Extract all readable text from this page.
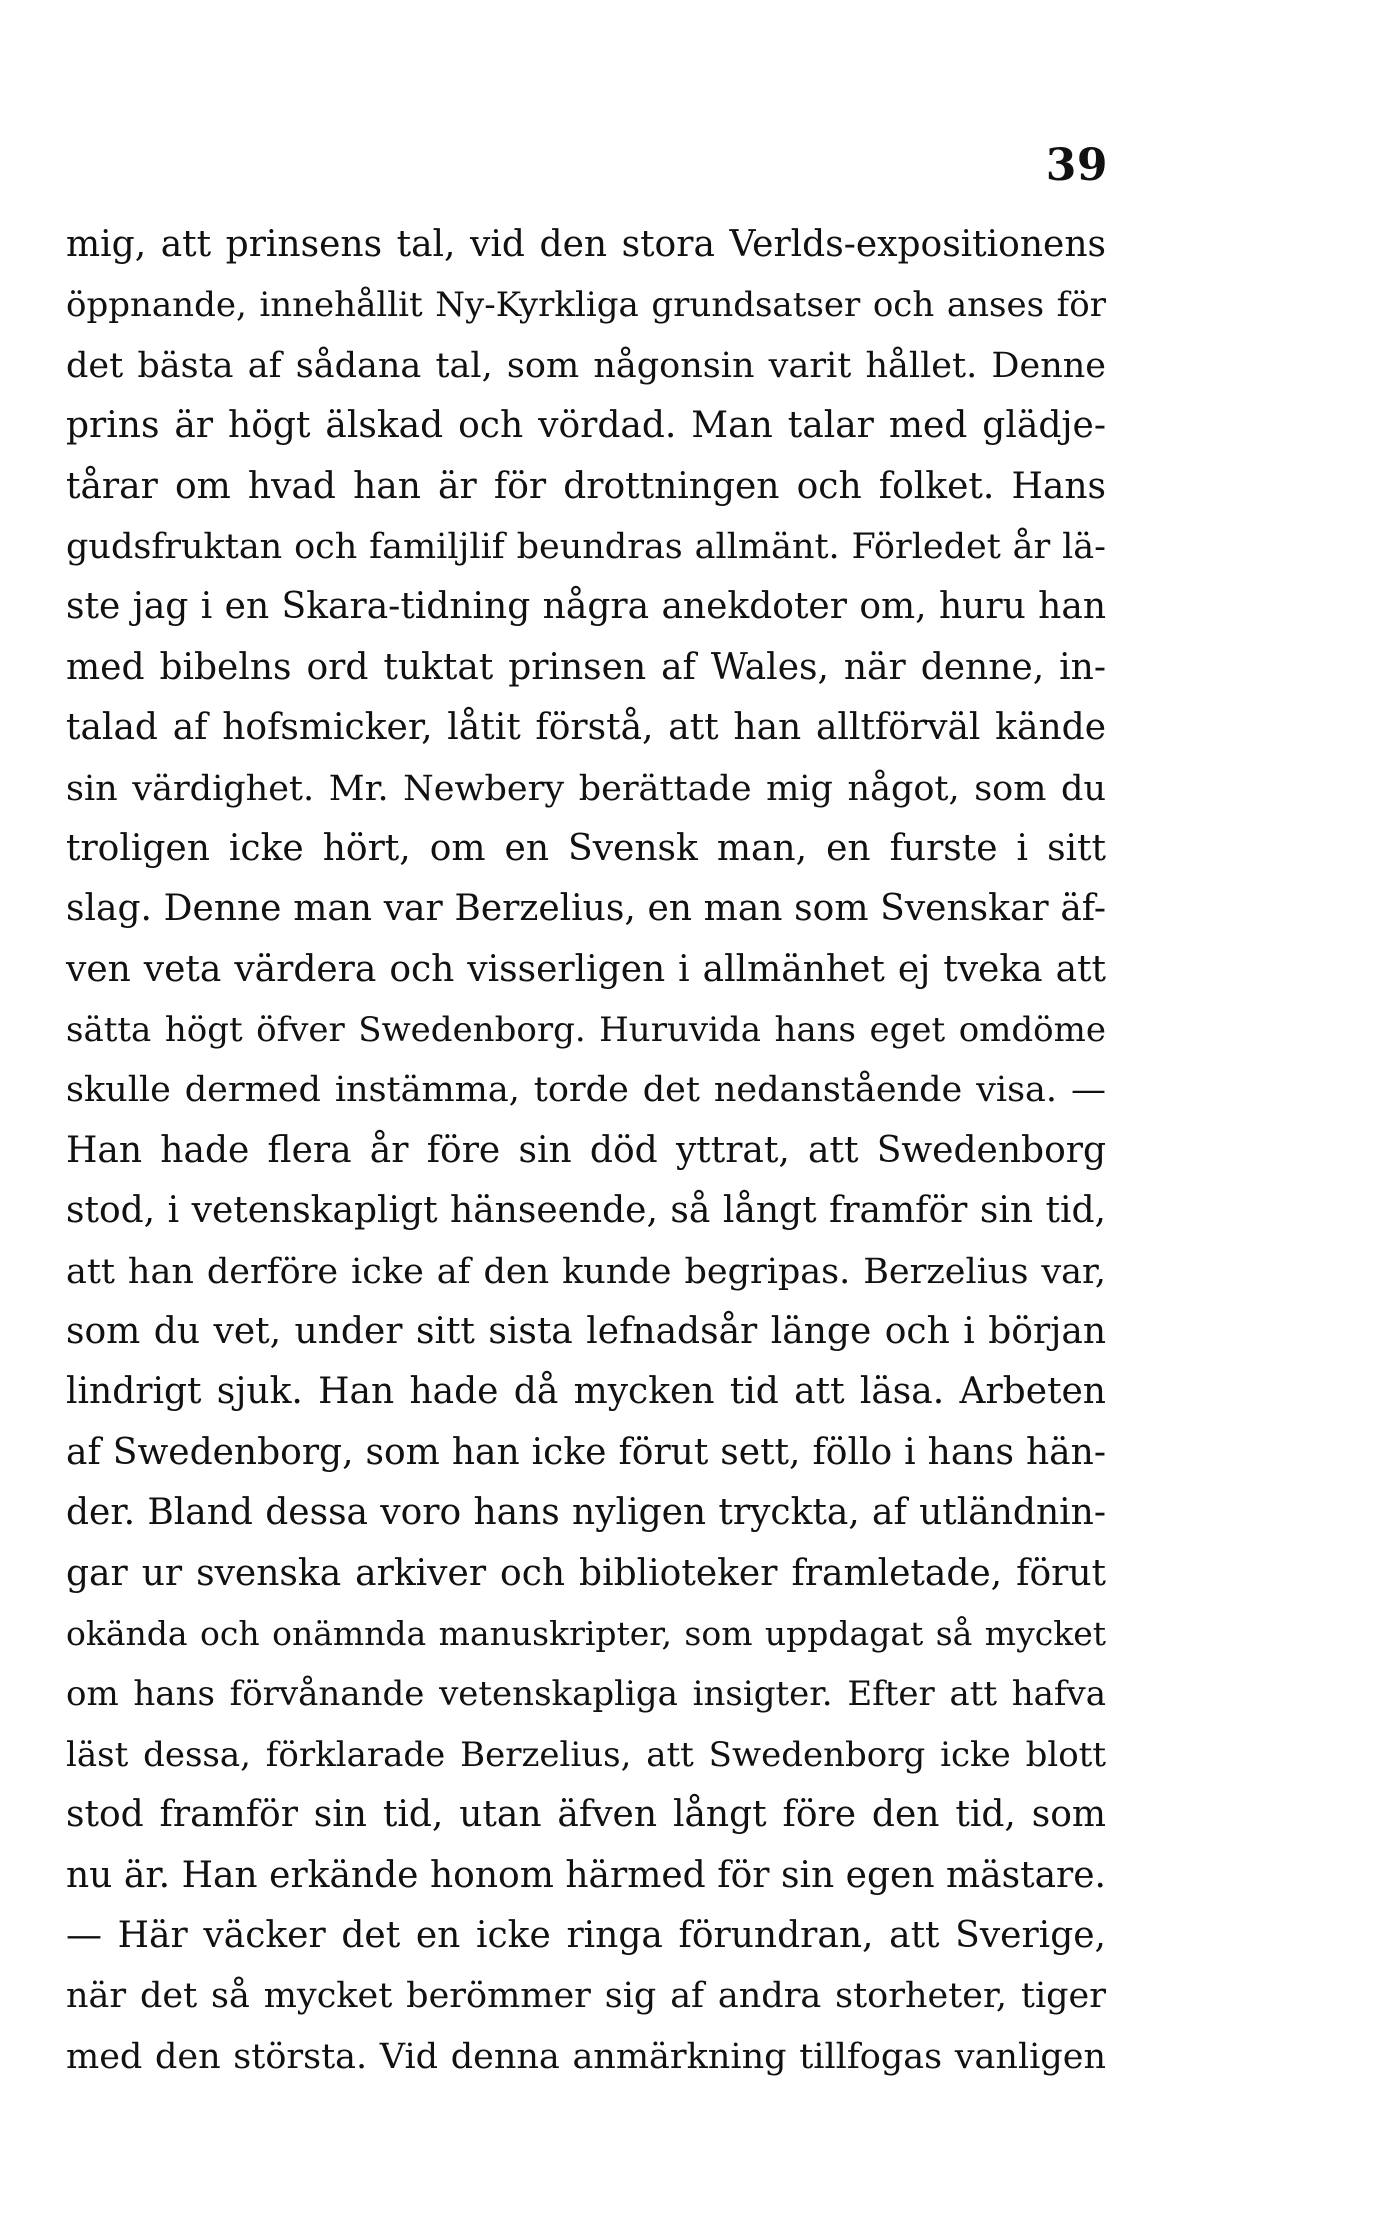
39
mig, att prinsens tal, vid den stora Verlds-expositionens
öppnande, innehållit Ny-Kyrkliga grundsatser och anses för
det bästa af sådana tal, som någonsin varit hållet. Denne
prins är högt älskad och vördad. Man talar med glädje-
tårar om hvad han är för drottningen och folket. Hans
gudsfruktan och familjlif beundras allmänt. Förledet år lä-
ste jag i en Skara-tidning några anekdoter om, huru han
med bibelns ord tuktat prinsen af Wales, när denne, in-
talad af hofsmicker, låtit förstå, att han alltförväl kände
sin värdighet. Mr. Newbery berättade mig något, som du
troligen icke hört, om en Svensk man, en furste i sitt
slag. Denne man var Berzelius, en man som Svenskar äf-
ven veta värdera och visserligen i allmänhet ej tveka att
sätta högt öfver Swedenborg. Huruvida hans eget omdöme
skulle dermed instämma, torde det nedanstående visa. —
Han hade flera år före sin död yttrat, att Swedenborg
stod, i vetenskapligt hänseende, så långt framför sin tid,
att han derföre icke af den kunde begripas. Berzelius var,
som du vet, under sitt sista lefnadsår länge och i början
lindrigt sjuk. Han hade då mycken tid att läsa. Arbeten
af Swedenborg, som han icke förut sett, föllo i hans hän-
der. Bland dessa voro hans nyligen tryckta, af utländnin-
gar ur svenska arkiver och biblioteker framletade, förut
okända och onämnda manuskripter, som uppdagat så mycket
om hans förvånande vetenskapliga insigter. Efter att hafva
läst dessa, förklarade Berzelius, att Swedenborg icke blott
stod framför sin tid, utan äfven långt före den tid, som
nu är. Han erkände honom härmed för sin egen mästare.
— Här väcker det en icke ringa förundran, att Sverige,
när det så mycket berömmer sig af andra storheter, tiger
med den största. Vid denna anmärkning tillfogas vanligen
